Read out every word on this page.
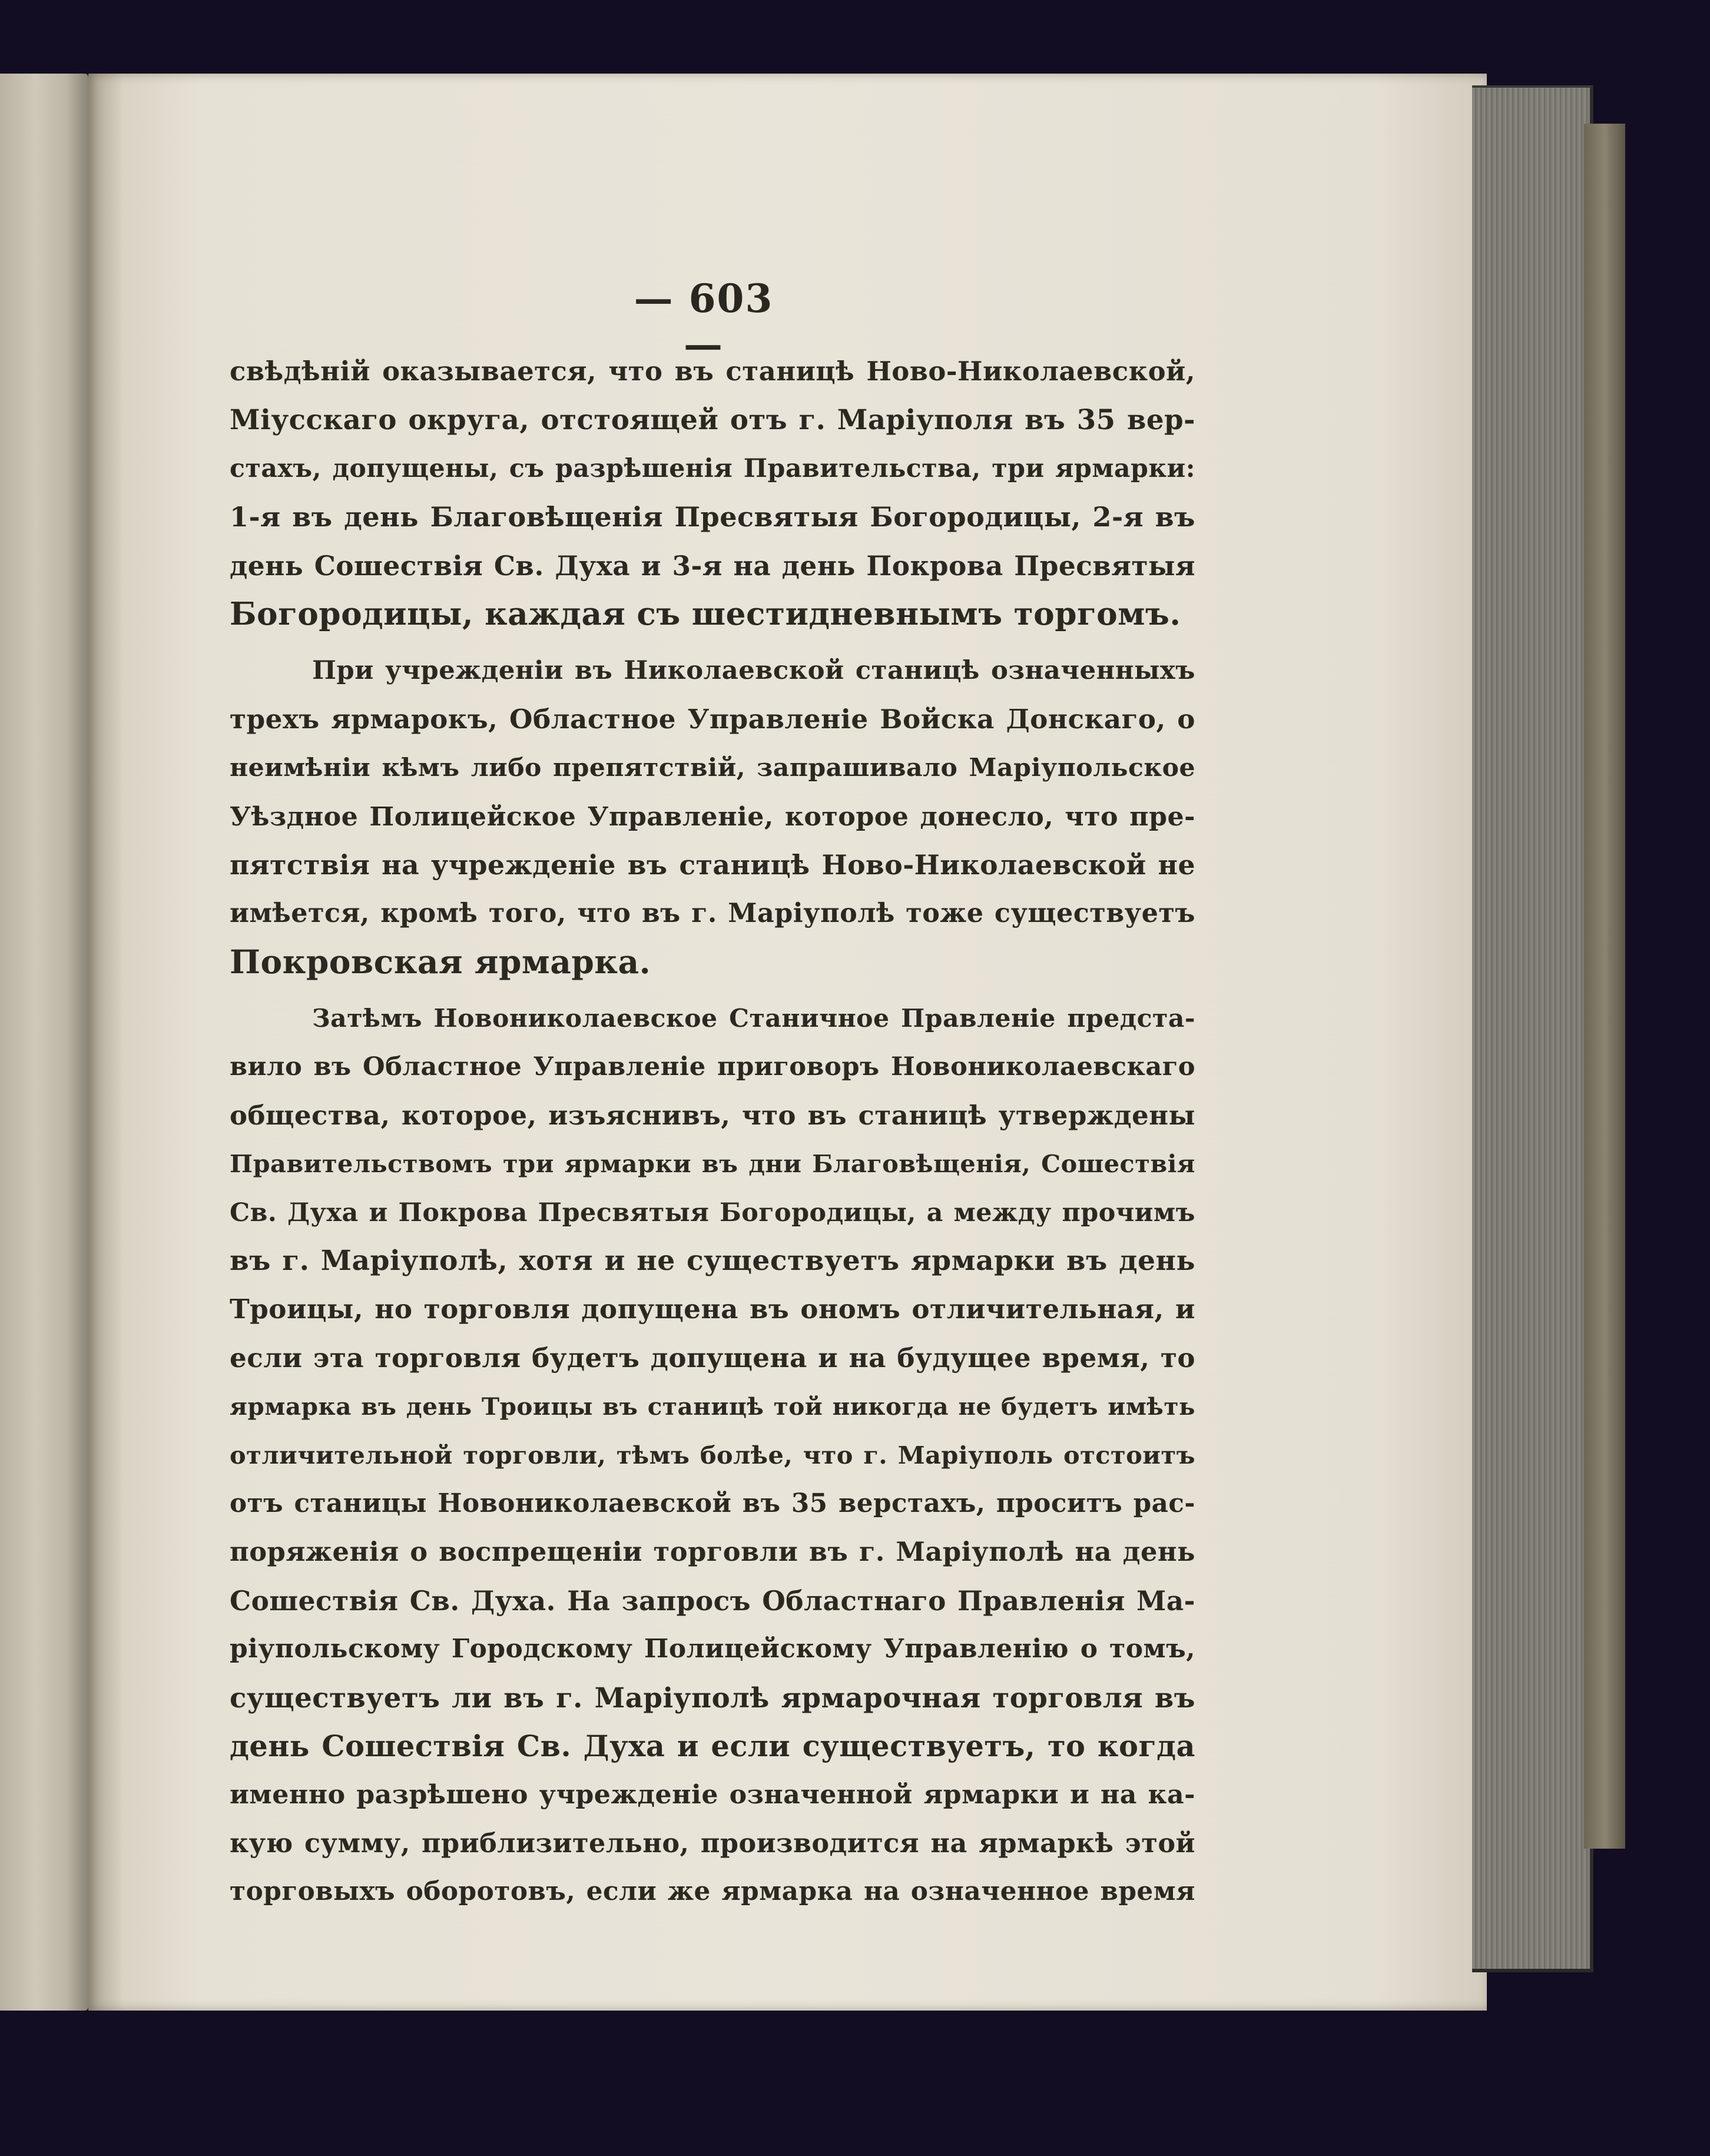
— 603 —
свѣдѣній оказывается, что въ станицѣ Ново-Николаевской,
Міусскаго округа, отстоящей отъ г. Маріуполя въ 35 вер-
стахъ, допущены, съ разрѣшенія Правительства, три ярмарки:
1-я въ день Благовѣщенія Пресвятыя Богородицы, 2-я въ
день Сошествія Св. Духа и 3-я на день Покрова Пресвятыя
Богородицы, каждая съ шестидневнымъ торгомъ.
При учрежденіи въ Николаевской станицѣ означенныхъ
трехъ ярмарокъ, Областное Управленіе Войска Донскаго, о
неимѣніи кѣмъ либо препятствій, запрашивало Маріупольское
Уѣздное Полицейское Управленіе, которое донесло, что пре-
пятствія на учрежденіе въ станицѣ Ново-Николаевской не
имѣется, кромѣ того, что въ г. Маріуполѣ тоже существуетъ
Покровская ярмарка.
Затѣмъ Новониколаевское Станичное Правленіе предста-
вило въ Областное Управленіе приговоръ Новониколаевскаго
общества, которое, изъяснивъ, что въ станицѣ утверждены
Правительствомъ три ярмарки въ дни Благовѣщенія, Сошествія
Св. Духа и Покрова Пресвятыя Богородицы, а между прочимъ
въ г. Маріуполѣ, хотя и не существуетъ ярмарки въ день
Троицы, но торговля допущена въ ономъ отличительная, и
если эта торговля будетъ допущена и на будущее время, то
ярмарка въ день Троицы въ станицѣ той никогда не будетъ имѣть
отличительной торговли, тѣмъ болѣе, что г. Маріуполь отстоитъ
отъ станицы Новониколаевской въ 35 верстахъ, проситъ рас-
поряженія о воспрещеніи торговли въ г. Маріуполѣ на день
Сошествія Св. Духа. На запросъ Областнаго Правленія Ма-
ріупольскому Городскому Полицейскому Управленію о томъ,
существуетъ ли въ г. Маріуполѣ ярмарочная торговля въ
день Сошествія Св. Духа и если существуетъ, то когда
именно разрѣшено учрежденіе означенной ярмарки и на ка-
кую сумму, приблизительно, производится на ярмаркѣ этой
торговыхъ оборотовъ, если же ярмарка на означенное время
